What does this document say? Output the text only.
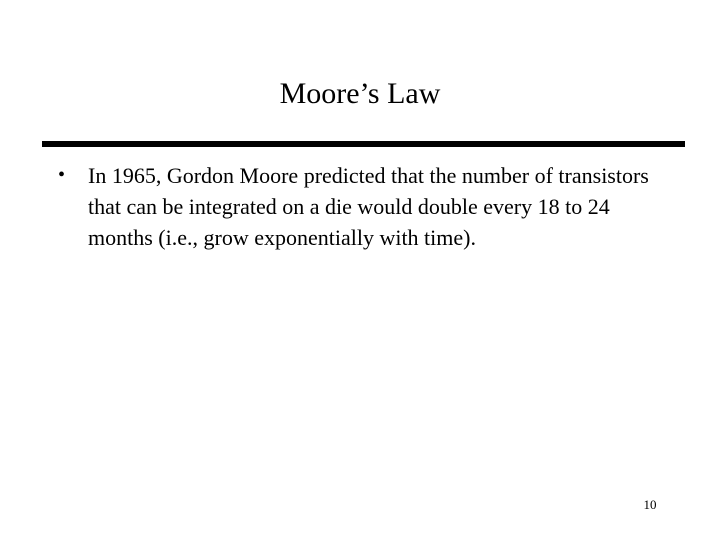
Moore’s Law
• In 1965, Gordon Moore predicted that the number of transistors that can be integrated on a die would double every 18 to 24 months (i.e., grow exponentially with time).
10
